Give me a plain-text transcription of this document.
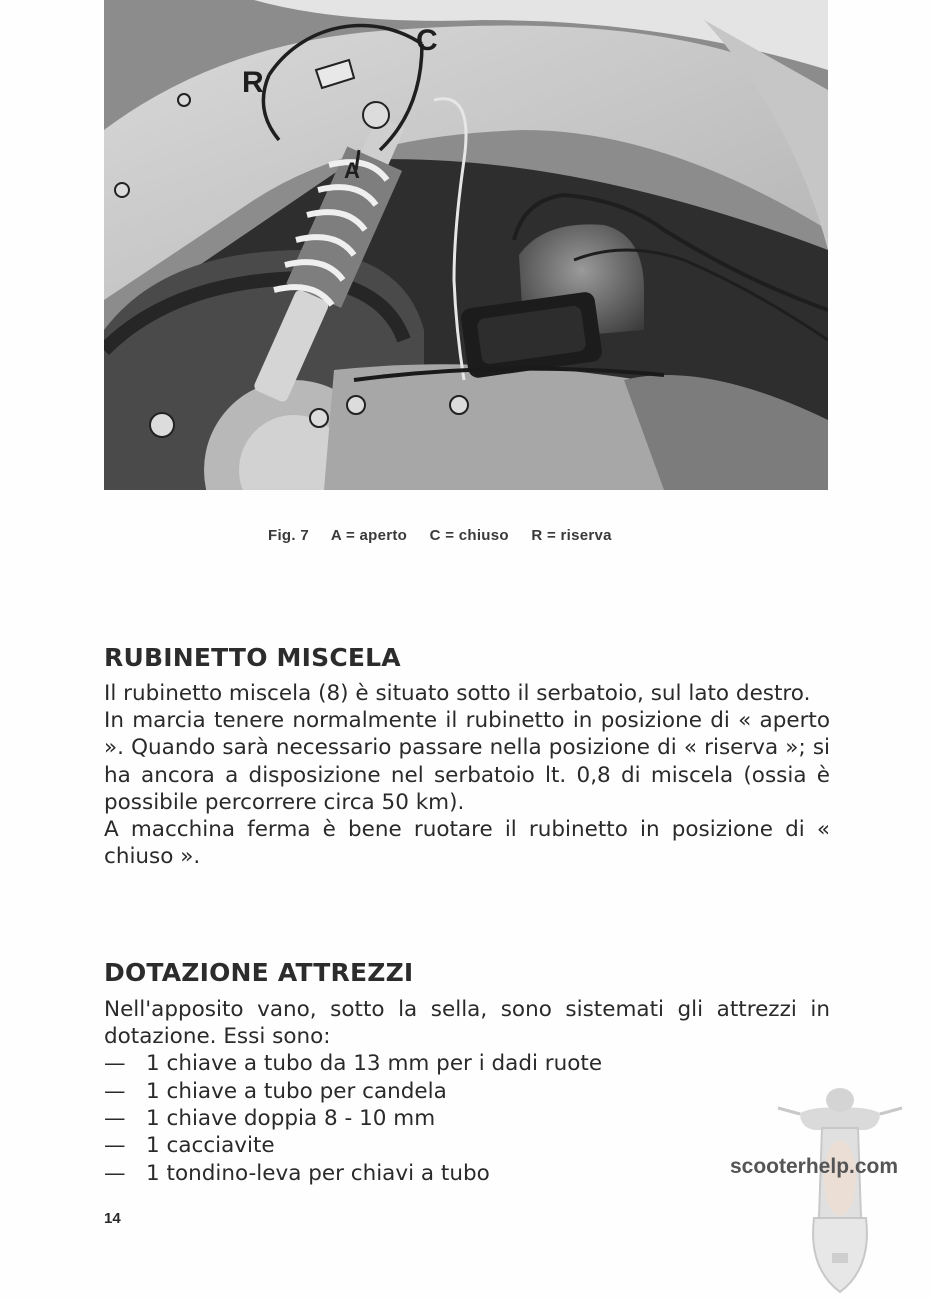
C
R
A
Fig. 7 A = aperto C = chiuso R = riserva
RUBINETTO MISCELA

Il rubinetto miscela (8) è situato sotto il serbatoio, sul lato destro.

In marcia tenere normalmente il rubinetto in posizione di « aperto ». Quando sarà necessario passare nella posizione di « riserva »; si ha ancora a disposizione nel serbatoio lt. 0,8 di miscela (ossia è possibile percorrere circa 50 km).

A macchina ferma è bene ruotare il rubinetto in posizione di « chiuso ».

DOTAZIONE ATTREZZI

Nell'apposito vano, sotto la sella, sono sistemati gli attrezzi in dotazione. Essi sono:

— 1 chiave a tubo da 13 mm per i dadi ruote
— 1 chiave a tubo per candela
— 1 chiave doppia 8 - 10 mm
— 1 cacciavite
— 1 tondino-leva per chiavi a tubo
14
scooterhelp.com
